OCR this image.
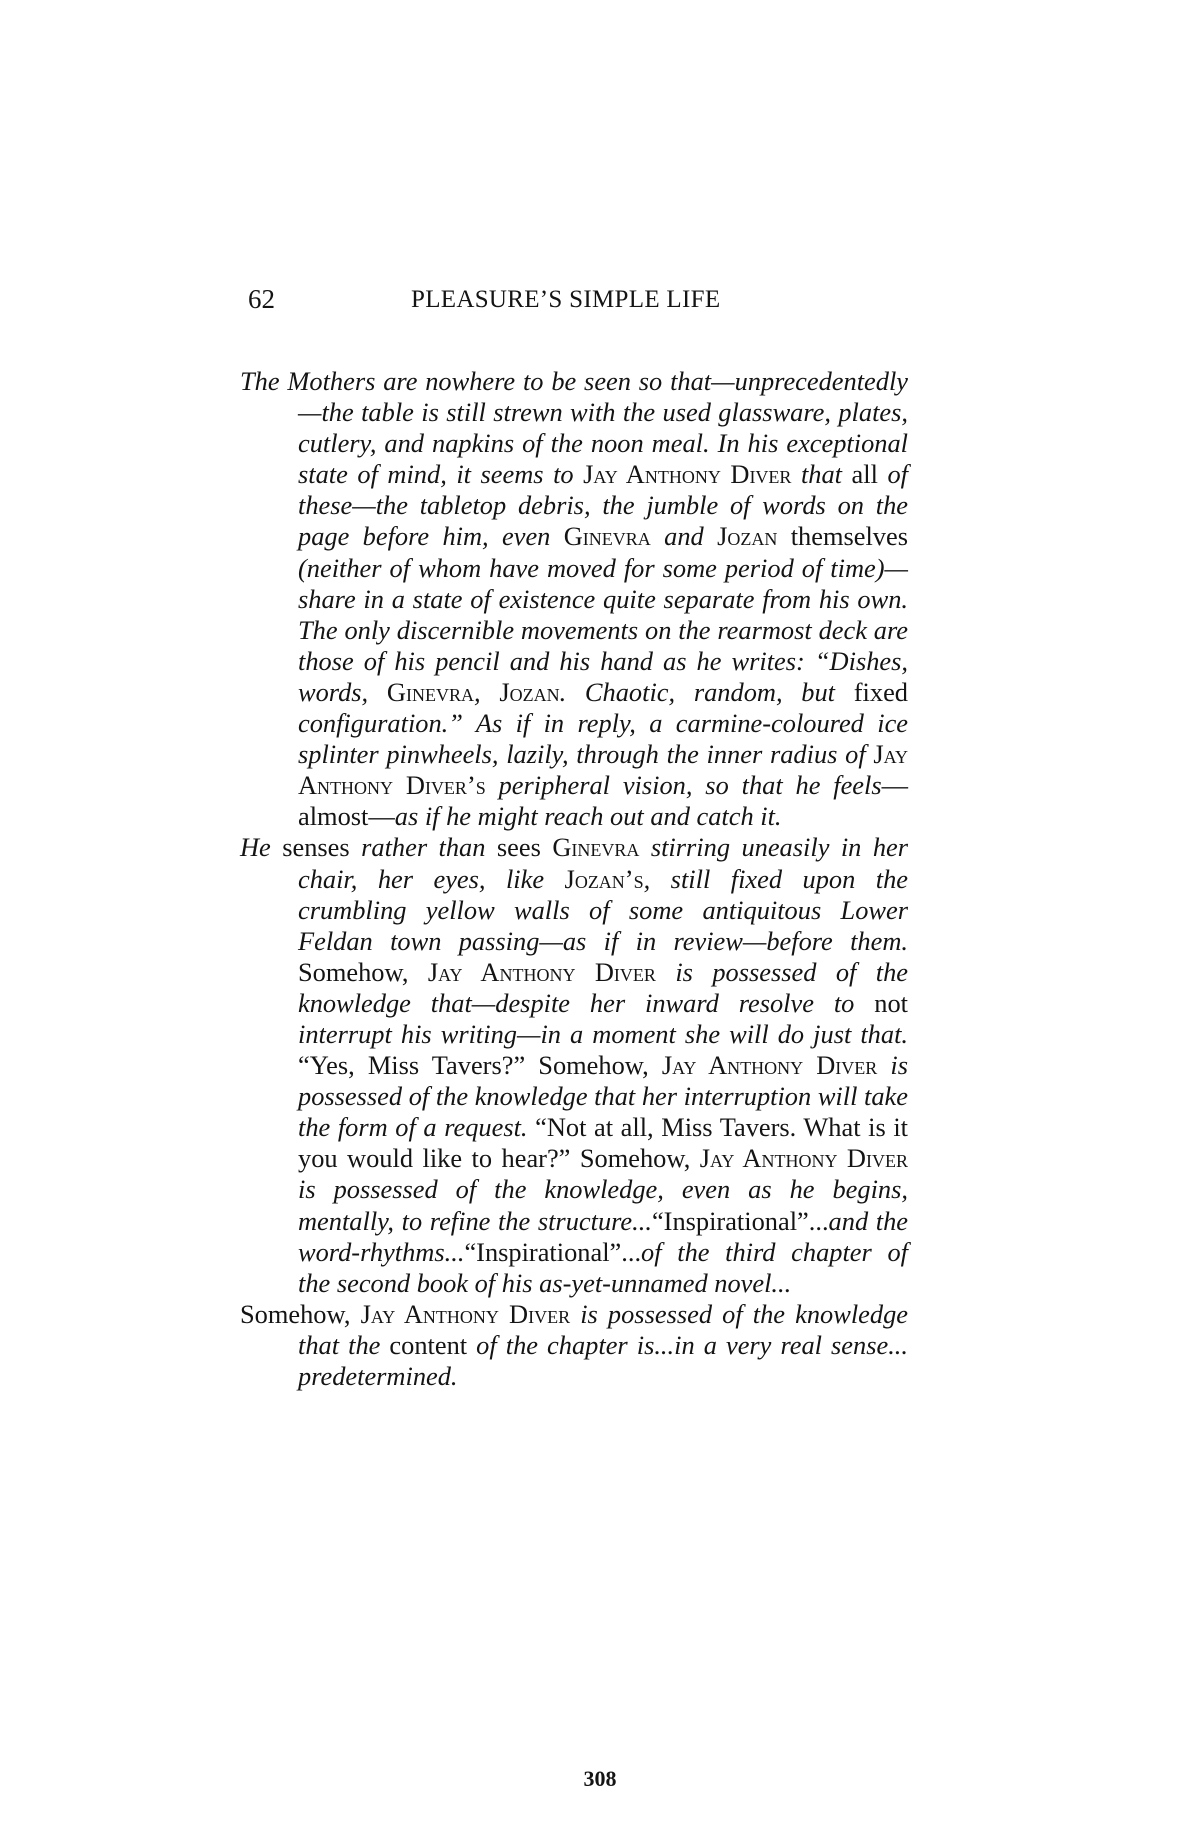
62	PLEASURE’S SIMPLE LIFE

The Mothers are nowhere to be seen so that—unprecedentedly—the table is still strewn with the used glassware, plates, cutlery, and napkins of the noon meal. In his exceptional state of mind, it seems to Jay Anthony Diver that all of these—the tabletop debris, the jumble of words on the page before him, even Ginevra and Jozan themselves (neither of whom have moved for some period of time)—share in a state of existence quite separate from his own. The only discernible movements on the rearmost deck are those of his pencil and his hand as he writes: “Dishes, words, Ginevra, Jozan. Chaotic, random, but fixed configuration.” As if in reply, a carmine-coloured ice splinter pinwheels, lazily, through the inner radius of Jay Anthony Diver’s peripheral vision, so that he feels—almost—as if he might reach out and catch it.

He senses rather than sees Ginevra stirring uneasily in her chair, her eyes, like Jozan’s, still fixed upon the crumbling yellow walls of some antiquitous Lower Feldan town passing—as if in review—before them. Somehow, Jay Anthony Diver is possessed of the knowledge that—despite her inward resolve to not interrupt his writing—in a moment she will do just that. “Yes, Miss Tavers?” Somehow, Jay Anthony Diver is possessed of the knowledge that her interruption will take the form of a request. “Not at all, Miss Tavers. What is it you would like to hear?” Somehow, Jay Anthony Diver is possessed of the knowledge, even as he begins, mentally, to refine the structure...“Inspirational”...and the word-rhythms...“Inspirational”...of the third chapter of the second book of his as-yet-unnamed novel...

Somehow, Jay Anthony Diver is possessed of the knowledge that the content of the chapter is...in a very real sense... predetermined.

308
